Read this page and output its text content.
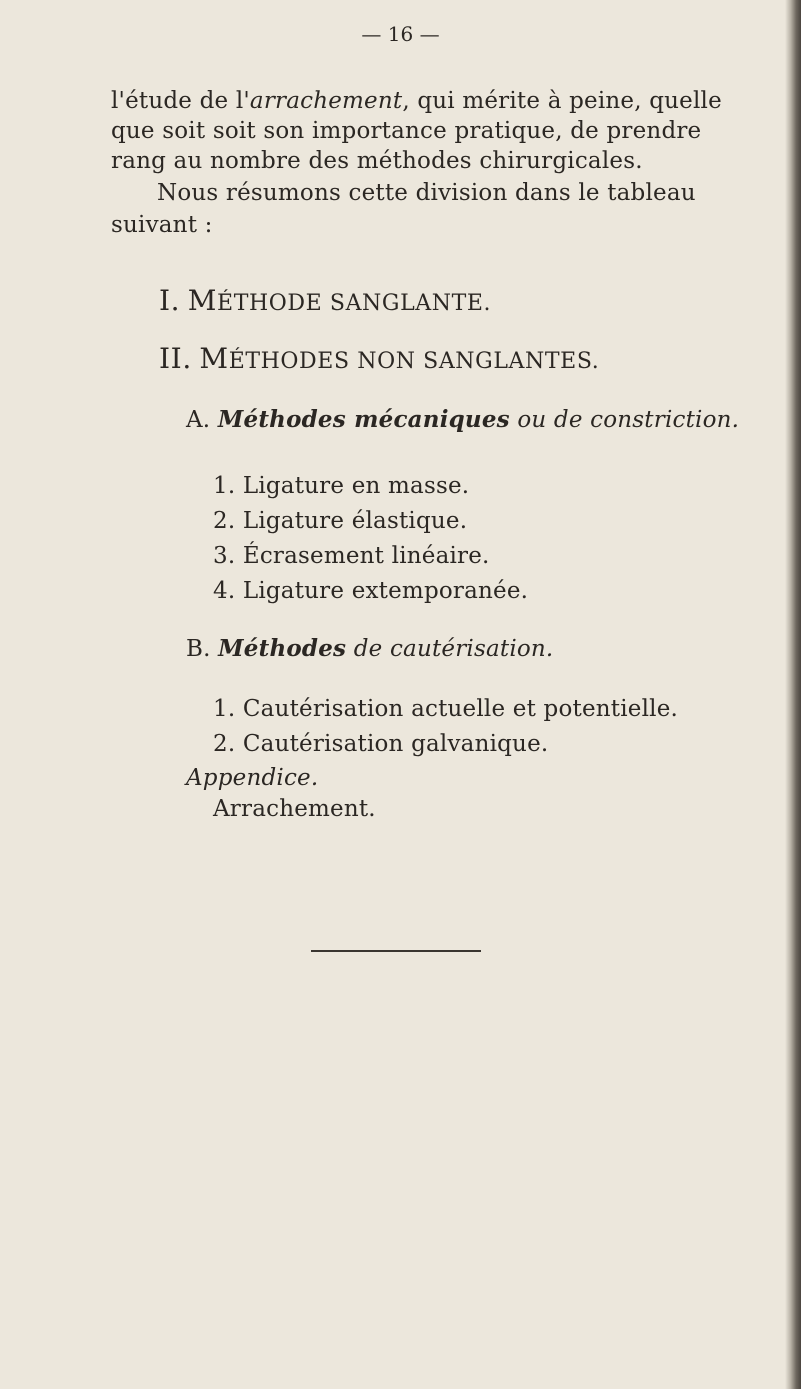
— 16 —
l'étude de l'arrachement, qui mérite à peine, quelle
que soit soit son importance pratique, de prendre
rang au nombre des méthodes chirurgicales.
Nous résumons cette division dans le tableau
suivant :
I. MÉTHODE SANGLANTE.
II. MÉTHODES NON SANGLANTES.
A. Méthodes mécaniques ou de constriction.
1. Ligature en masse.
2. Ligature élastique.
3. Écrasement linéaire.
4. Ligature extemporanée.
B. Méthodes de cautérisation.
1. Cautérisation actuelle et potentielle.
2. Cautérisation galvanique.
Appendice.
Arrachement.
